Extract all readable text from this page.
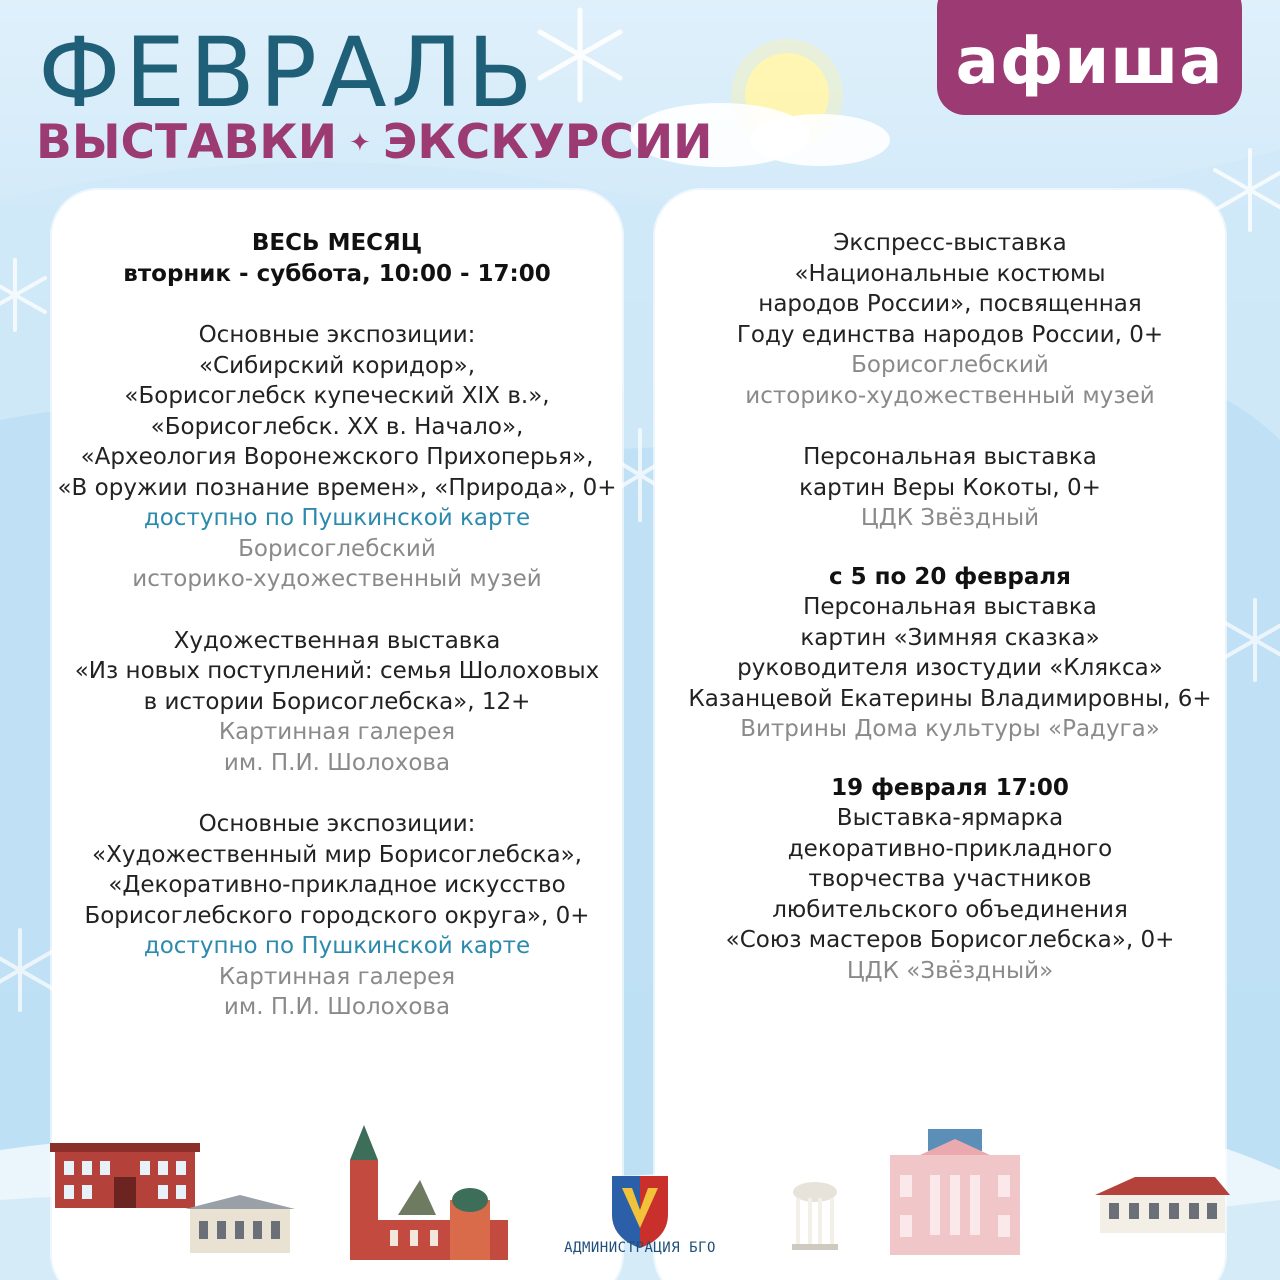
ФЕВРАЛЬ
ВЫСТАВКИ ✦ ЭКСКУРСИИ
афиша

ВЕСЬ МЕСЯЦ

вторник - суббота, 10:00 - 17:00

Основные экспозиции:

«Сибирский коридор»,

«Борисоглебск купеческий XIX в.»,

«Борисоглебск. XX в. Начало»,

«Археология Воронежского Прихоперья»,

«В оружии познание времен», «Природа», 0+

доступно по Пушкинской карте

Борисоглебский

историко-художественный музей

Художественная выставка

«Из новых поступлений: семья Шолоховых

в истории Борисоглебска», 12+

Картинная галерея

им. П.И. Шолохова

Основные экспозиции:

«Художественный мир Борисоглебска»,

«Декоративно-прикладное искусство

Борисоглебского городского округа», 0+

доступно по Пушкинской карте

Картинная галерея

им. П.И. Шолохова

Экспресс-выставка

«Национальные костюмы

народов России», посвященная

Году единства народов России, 0+

Борисоглебский

историко-художественный музей

Персональная выставка

картин Веры Кокоты, 0+

ЦДК Звёздный

с 5 по 20 февраля

Персональная выставка

картин «Зимняя сказка»

руководителя изостудии «Клякса»

Казанцевой Екатерины Владимировны, 6+

Витрины Дома культуры «Радуга»

19 февраля 17:00

Выставка-ярмарка

декоративно-прикладного

творчества участников

любительского объединения

«Союз мастеров Борисоглебска», 0+

ЦДК «Звёздный»

АДМИНИСТРАЦИЯ БГО
